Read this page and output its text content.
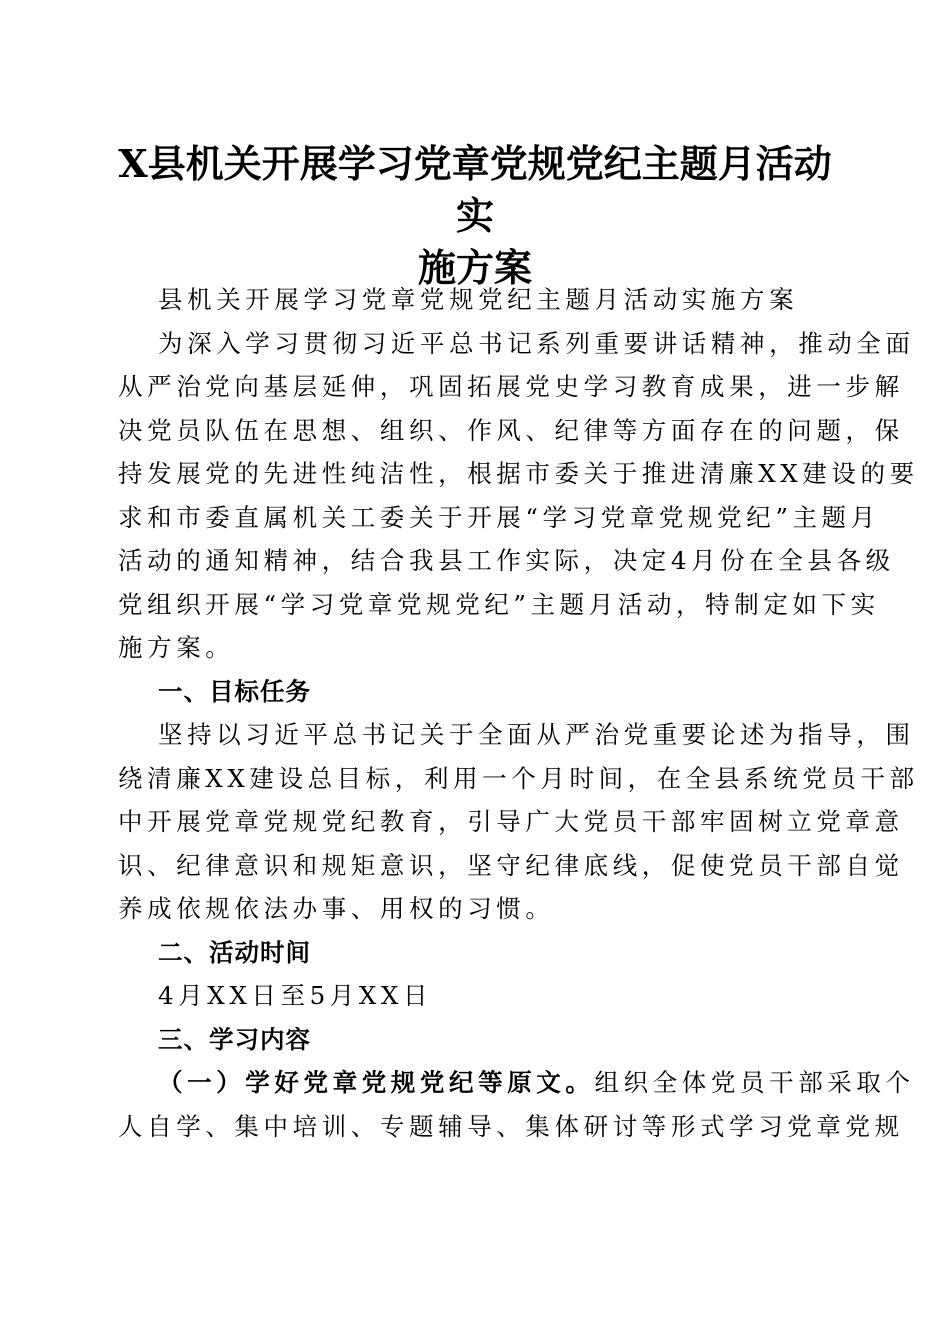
X县机关开展学习党章党规党纪主题月活动实
施方案
县机关开展学习党章党规党纪主题月活动实施方案
为深入学习贯彻习近平总书记系列重要讲话精神，推动全面
从严治党向基层延伸，巩固拓展党史学习教育成果，进一步解
决党员队伍在思想、组织、作风、纪律等方面存在的问题，保
持发展党的先进性纯洁性，根据市委关于推进清廉XX建设的要
求和市委直属机关工委关于开展“学习党章党规党纪”主题月
活动的通知精神，结合我县工作实际，决定4月份在全县各级
党组织开展“学习党章党规党纪”主题月活动，特制定如下实
施方案。
一、目标任务
坚持以习近平总书记关于全面从严治党重要论述为指导，围
绕清廉XX建设总目标，利用一个月时间，在全县系统党员干部
中开展党章党规党纪教育，引导广大党员干部牢固树立党章意
识、纪律意识和规矩意识，坚守纪律底线，促使党员干部自觉
养成依规依法办事、用权的习惯。
二、活动时间
4月XX日至5月XX日
三、学习内容
（一）学好党章党规党纪等原文。组织全体党员干部采取个
人自学、集中培训、专题辅导、集体研讨等形式学习党章党规
